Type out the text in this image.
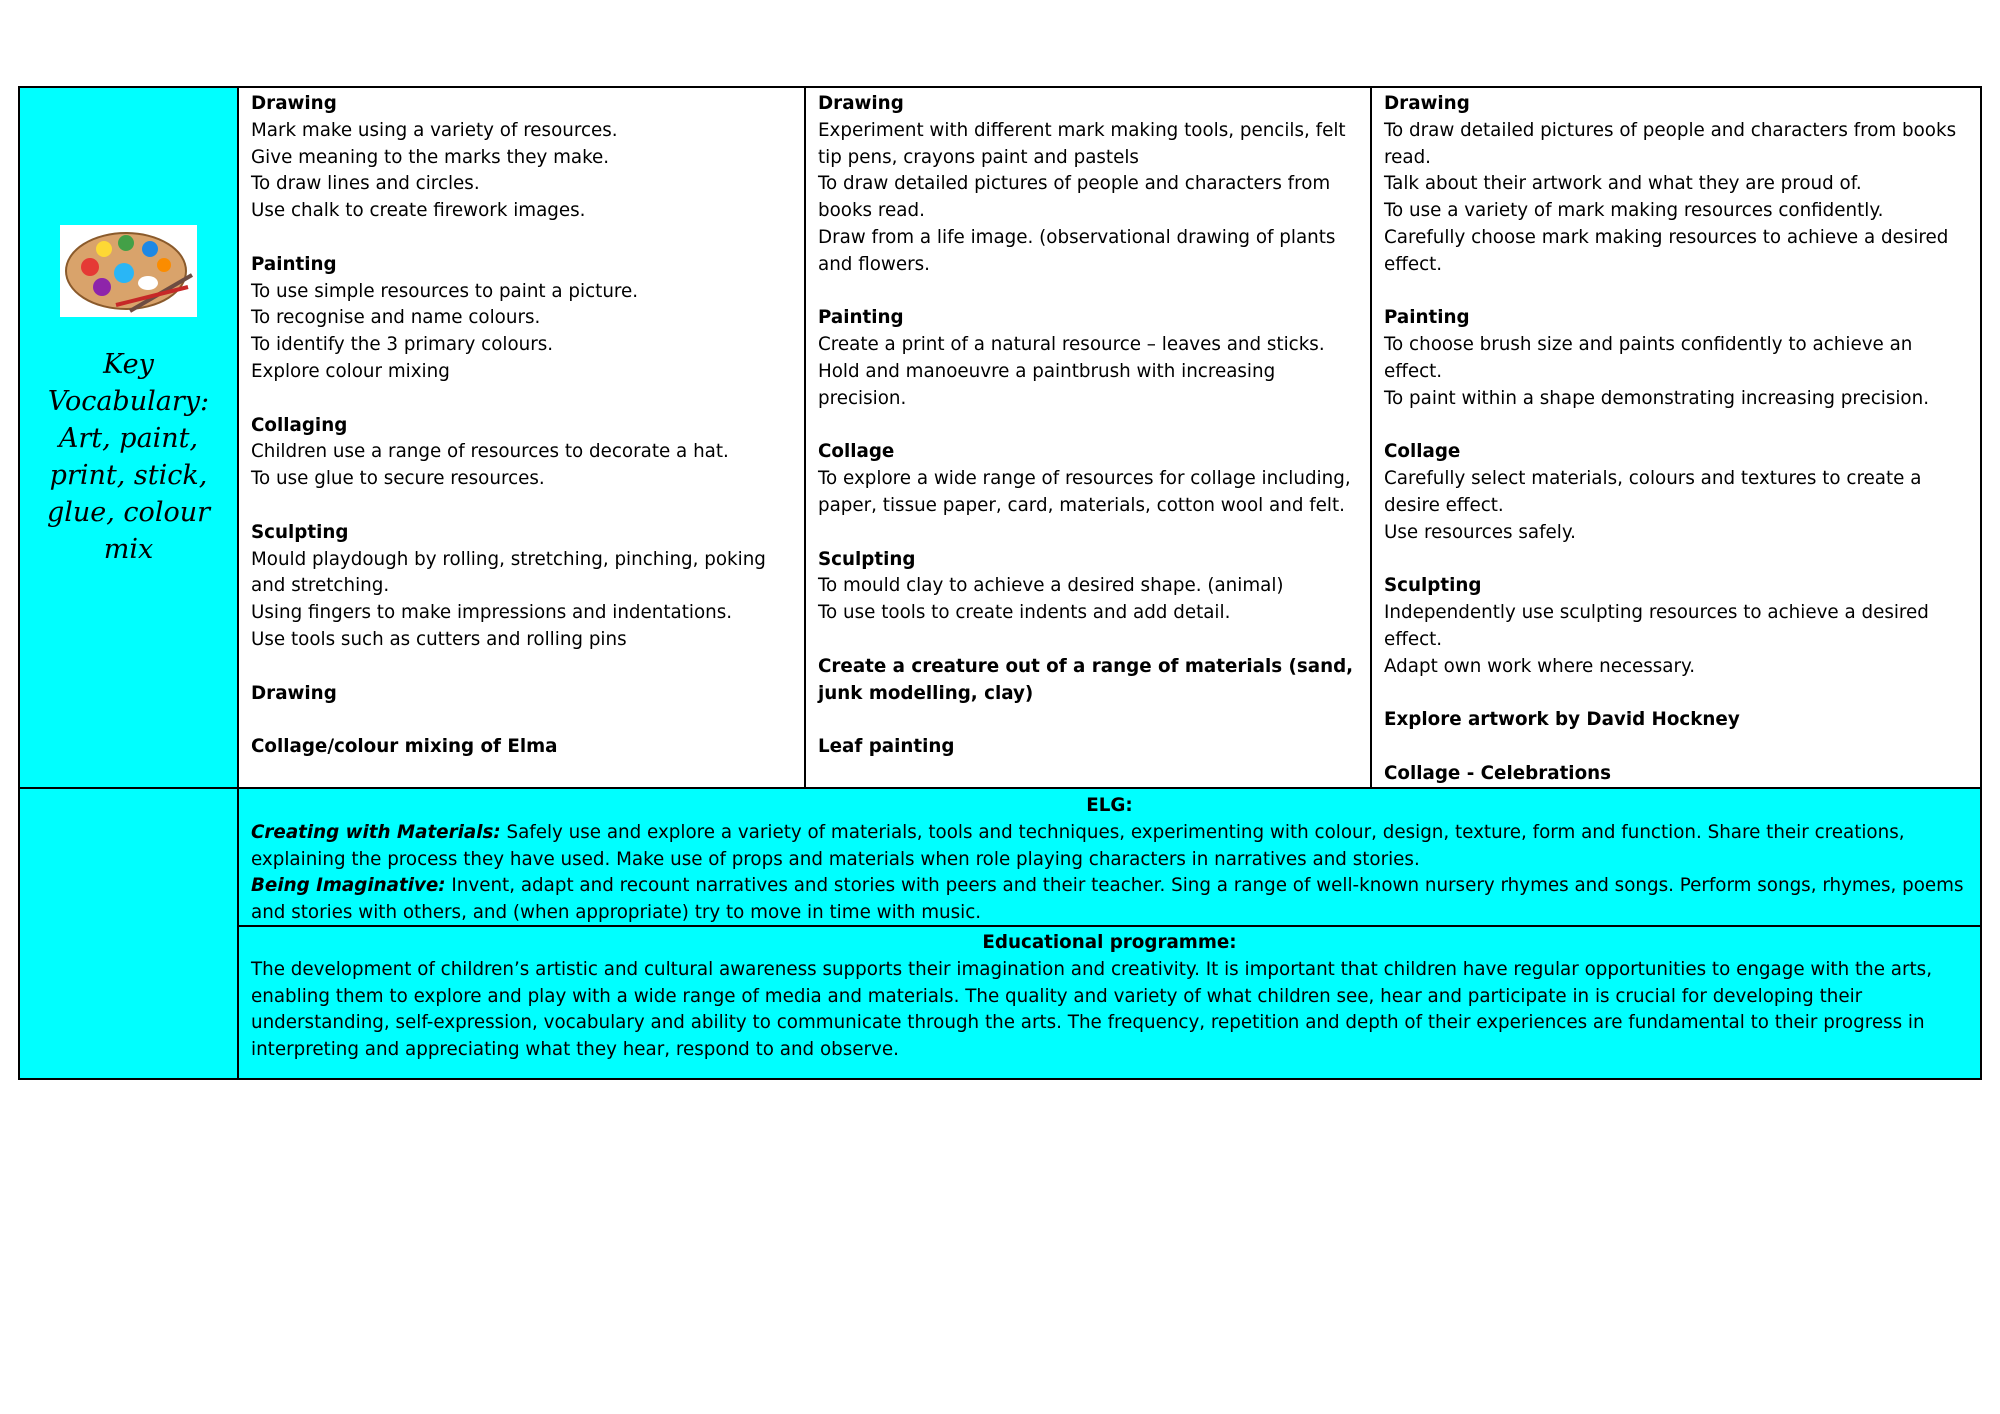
Key Vocabulary: Art, paint, print, stick, glue, colour mix
Drawing
Mark make using a variety of resources.
Give meaning to the marks they make.
To draw lines and circles.
Use chalk to create firework images.
Painting
To use simple resources to paint a picture.
To recognise and name colours.
To identify the 3 primary colours.
Explore colour mixing
Collaging
Children use a range of resources to decorate a hat.
To use glue to secure resources.
Sculpting
Mould playdough by rolling, stretching, pinching, poking and stretching.
Using fingers to make impressions and indentations.
Use tools such as cutters and rolling pins
Drawing
Collage/colour mixing of Elma
Drawing
Experiment with different mark making tools, pencils, felt tip pens, crayons paint and pastels
To draw detailed pictures of people and characters from books read.
Draw from a life image. (observational drawing of plants and flowers.
Painting
Create a print of a natural resource – leaves and sticks.
Hold and manoeuvre a paintbrush with increasing precision.
Collage
To explore a wide range of resources for collage including, paper, tissue paper, card, materials, cotton wool and felt.
Sculpting
To mould clay to achieve a desired shape. (animal)
To use tools to create indents and add detail.
Create a creature out of a range of materials (sand, junk modelling, clay)
Leaf painting
Drawing
To draw detailed pictures of people and characters from books read.
Talk about their artwork and what they are proud of.
To use a variety of mark making resources confidently.
Carefully choose mark making resources to achieve a desired effect.
Painting
To choose brush size and paints confidently to achieve an effect.
To paint within a shape demonstrating increasing precision.
Collage
Carefully select materials, colours and textures to create a desire effect.
Use resources safely.
Sculpting
Independently use sculpting resources to achieve a desired effect.
Adapt own work where necessary.
Explore artwork by David Hockney
Collage - Celebrations
ELG:
Creating with Materials: Safely use and explore a variety of materials, tools and techniques, experimenting with colour, design, texture, form and function. Share their creations, explaining the process they have used. Make use of props and materials when role playing characters in narratives and stories.
Being Imaginative: Invent, adapt and recount narratives and stories with peers and their teacher. Sing a range of well-known nursery rhymes and songs. Perform songs, rhymes, poems and stories with others, and (when appropriate) try to move in time with music.
Educational programme:
The development of children’s artistic and cultural awareness supports their imagination and creativity. It is important that children have regular opportunities to engage with the arts, enabling them to explore and play with a wide range of media and materials. The quality and variety of what children see, hear and participate in is crucial for developing their understanding, self-expression, vocabulary and ability to communicate through the arts. The frequency, repetition and depth of their experiences are fundamental to their progress in interpreting and appreciating what they hear, respond to and observe.
